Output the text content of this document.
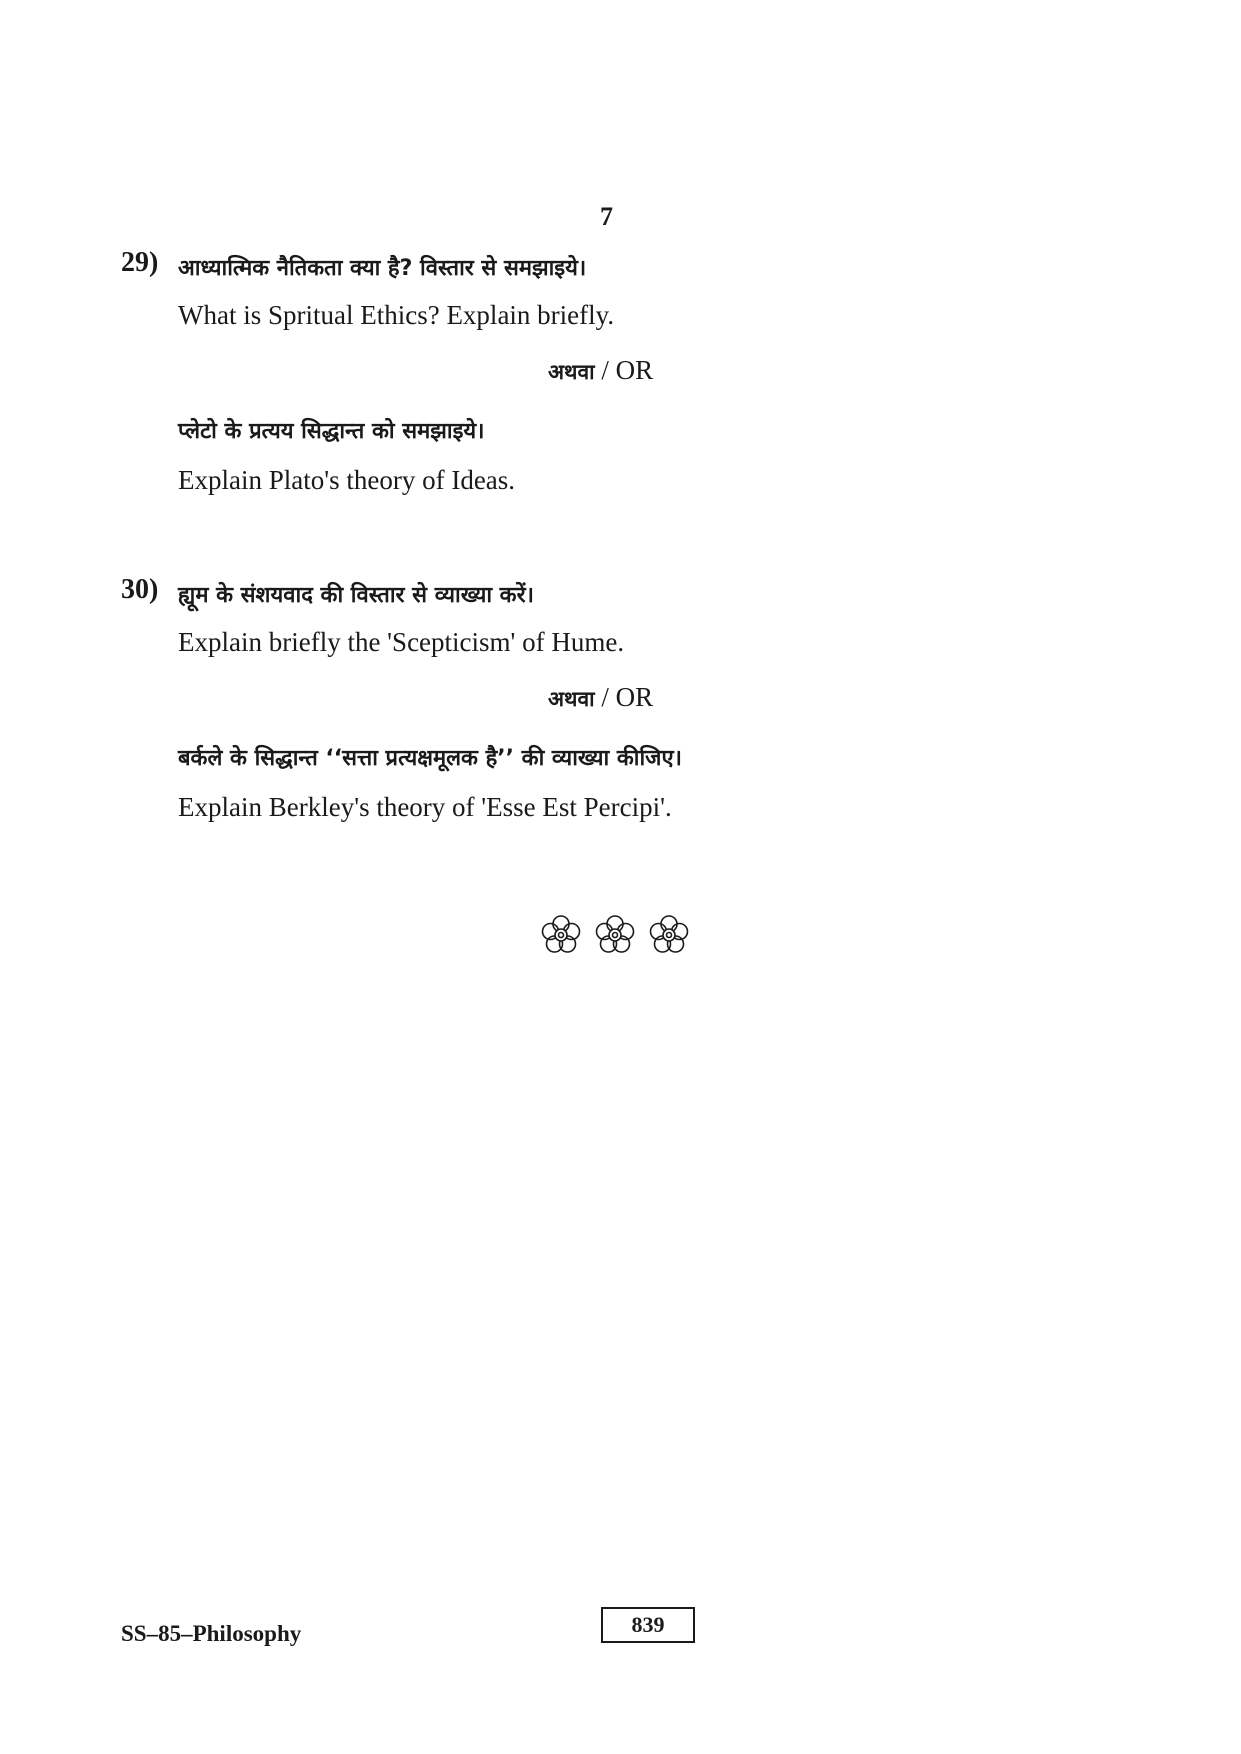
7
29) आध्यात्मिक नैतिकता क्या है? विस्तार से समझाइये।
What is Spritual Ethics? Explain briefly.
अथवा / OR
प्लेटो के प्रत्यय सिद्धान्त को समझाइये।
Explain Plato's theory of Ideas.
30) ह्यूम के संशयवाद की विस्तार से व्याख्या करें।
Explain briefly the 'Scepticism' of Hume.
अथवा / OR
बर्कले के सिद्धान्त ‘‘सत्ता प्रत्यक्षमूलक है’’ की व्याख्या कीजिए।
Explain Berkley's theory of 'Esse Est Percipi'.
SS–85–Philosophy	839
